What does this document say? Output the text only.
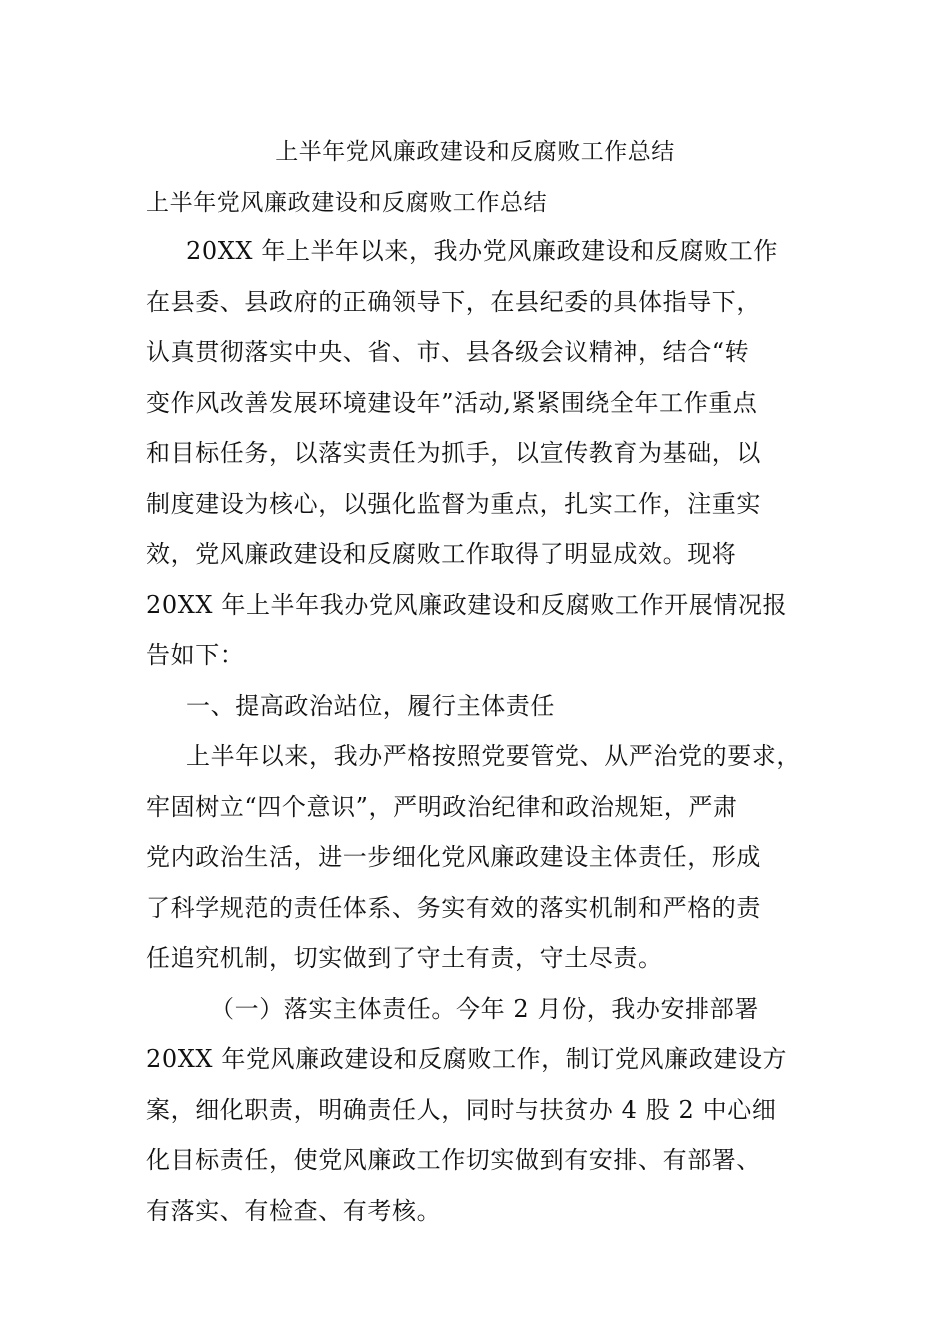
上半年党风廉政建设和反腐败工作总结
上半年党风廉政建设和反腐败工作总结
20XX 年上半年以来，我办党风廉政建设和反腐败工作
在县委、县政府的正确领导下，在县纪委的具体指导下，
认真贯彻落实中央、省、市、县各级会议精神，结合“转
变作风改善发展环境建设年”活动,紧紧围绕全年工作重点
和目标任务，以落实责任为抓手，以宣传教育为基础，以
制度建设为核心，以强化监督为重点，扎实工作，注重实
效，党风廉政建设和反腐败工作取得了明显成效。现将
20XX 年上半年我办党风廉政建设和反腐败工作开展情况报
告如下：
一、提高政治站位，履行主体责任
上半年以来，我办严格按照党要管党、从严治党的要求，
牢固树立“四个意识”，严明政治纪律和政治规矩，严肃
党内政治生活，进一步细化党风廉政建设主体责任，形成
了科学规范的责任体系、务实有效的落实机制和严格的责
任追究机制，切实做到了守土有责，守土尽责。
（一）落实主体责任。今年 2 月份，我办安排部署
20XX 年党风廉政建设和反腐败工作，制订党风廉政建设方
案，细化职责，明确责任人，同时与扶贫办 4 股 2 中心细
化目标责任，使党风廉政工作切实做到有安排、有部署、
有落实、有检查、有考核。
